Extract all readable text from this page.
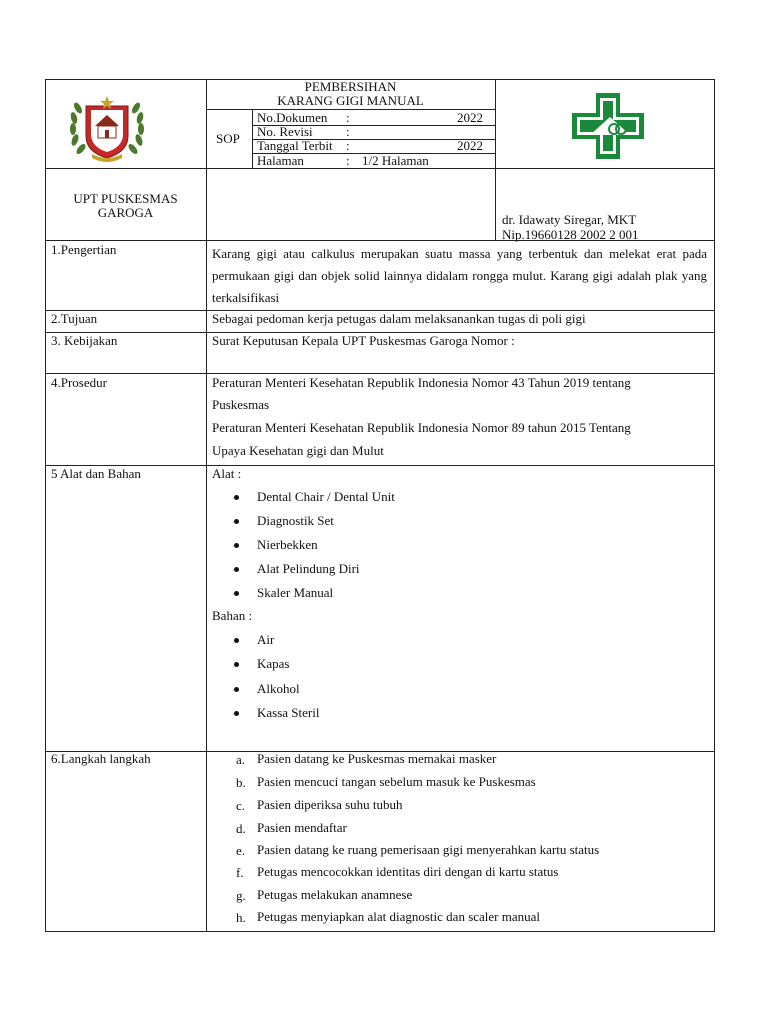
PEMBERSIHAN
KARANG GIGI MANUAL
SOP
No.Dokumen :	2022
No. Revisi	:
Tanggal Terbit :	2022
Halaman	: 1/2 Halaman
UPT PUSKESMAS
GAROGA	dr. Idawaty Siregar, MKT
Nip.19660128 2002 2 001
1.Pengertian	Karang gigi atau calkulus merupakan suatu massa yang terbentuk dan melekat erat pada permukaan gigi dan objek solid lainnya didalam rongga mulut. Karang gigi adalah plak yang terkalsifikasi
2.Tujuan	Sebagai pedoman kerja petugas dalam melaksanankan tugas di poli gigi
3. Kebijakan	Surat Keputusan Kepala UPT Puskesmas Garoga Nomor :
4.Prosedur	Peraturan Menteri Kesehatan Republik Indonesia Nomor 43 Tahun 2019 tentang
Puskesmas
Peraturan Menteri Kesehatan Republik Indonesia Nomor 89 tahun 2015 Tentang
Upaya Kesehatan gigi dan Mulut
5 Alat dan Bahan	Alat :
Dental Chair / Dental Unit
Diagnostik Set
Nierbekken
Alat Pelindung Diri
Skaler Manual
Bahan :
Air
Kapas
Alkohol
Kassa Steril
6.Langkah langkah	a. Pasien datang ke Puskesmas memakai masker
b. Pasien mencuci tangan sebelum masuk ke Puskesmas
c. Pasien diperiksa suhu tubuh
d. Pasien mendaftar
e. Pasien datang ke ruang pemerisaan gigi menyerahkan kartu status
f. Petugas mencocokkan identitas diri dengan di kartu status
g. Petugas melakukan anamnese
h. Petugas menyiapkan alat diagnostic dan scaler manual
